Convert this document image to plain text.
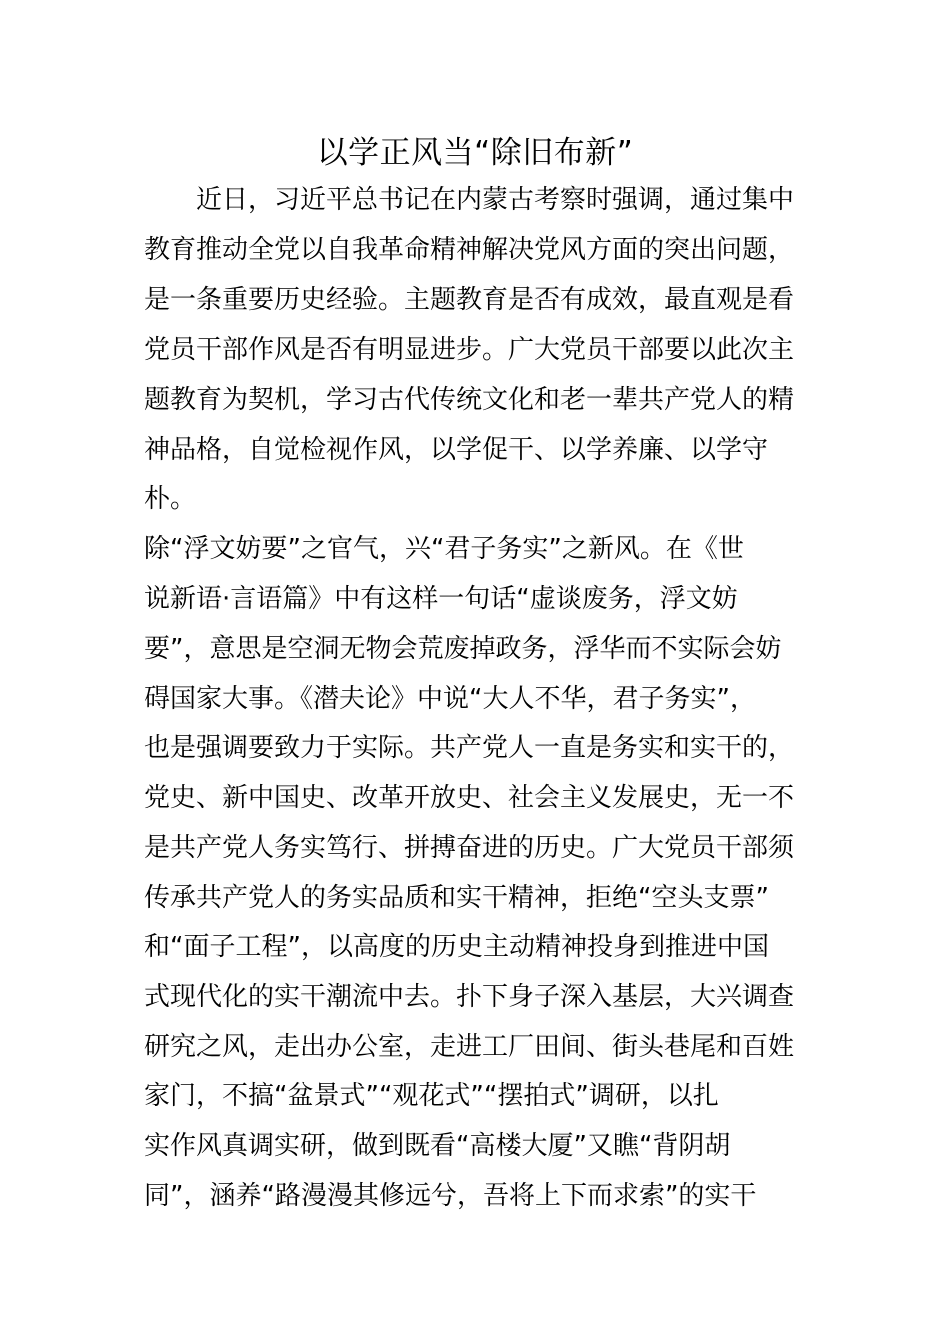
以学正风当“除旧布新”

　　近日，习近平总书记在内蒙古考察时强调，通过集中

教育推动全党以自我革命精神解决党风方面的突出问题，

是一条重要历史经验。主题教育是否有成效，最直观是看

党员干部作风是否有明显进步。广大党员干部要以此次主

题教育为契机，学习古代传统文化和老一辈共产党人的精

神品格，自觉检视作风，以学促干、以学养廉、以学守

朴。

除“浮文妨要”之官气，兴“君子务实”之新风。在《世

说新语·言语篇》中有这样一句话“虚谈废务，浮文妨

要”，意思是空洞无物会荒废掉政务，浮华而不实际会妨

碍国家大事。《潜夫论》中说“大人不华，君子务实”，

也是强调要致力于实际。共产党人一直是务实和实干的，

党史、新中国史、改革开放史、社会主义发展史，无一不

是共产党人务实笃行、拼搏奋进的历史。广大党员干部须

传承共产党人的务实品质和实干精神，拒绝“空头支票”

和“面子工程”，以高度的历史主动精神投身到推进中国

式现代化的实干潮流中去。扑下身子深入基层，大兴调查

研究之风，走出办公室，走进工厂田间、街头巷尾和百姓

家门，不搞“盆景式”“观花式”“摆拍式”调研，以扎

实作风真调实研，做到既看“高楼大厦”又瞧“背阴胡

同”，涵养“路漫漫其修远兮，吾将上下而求索”的实干
